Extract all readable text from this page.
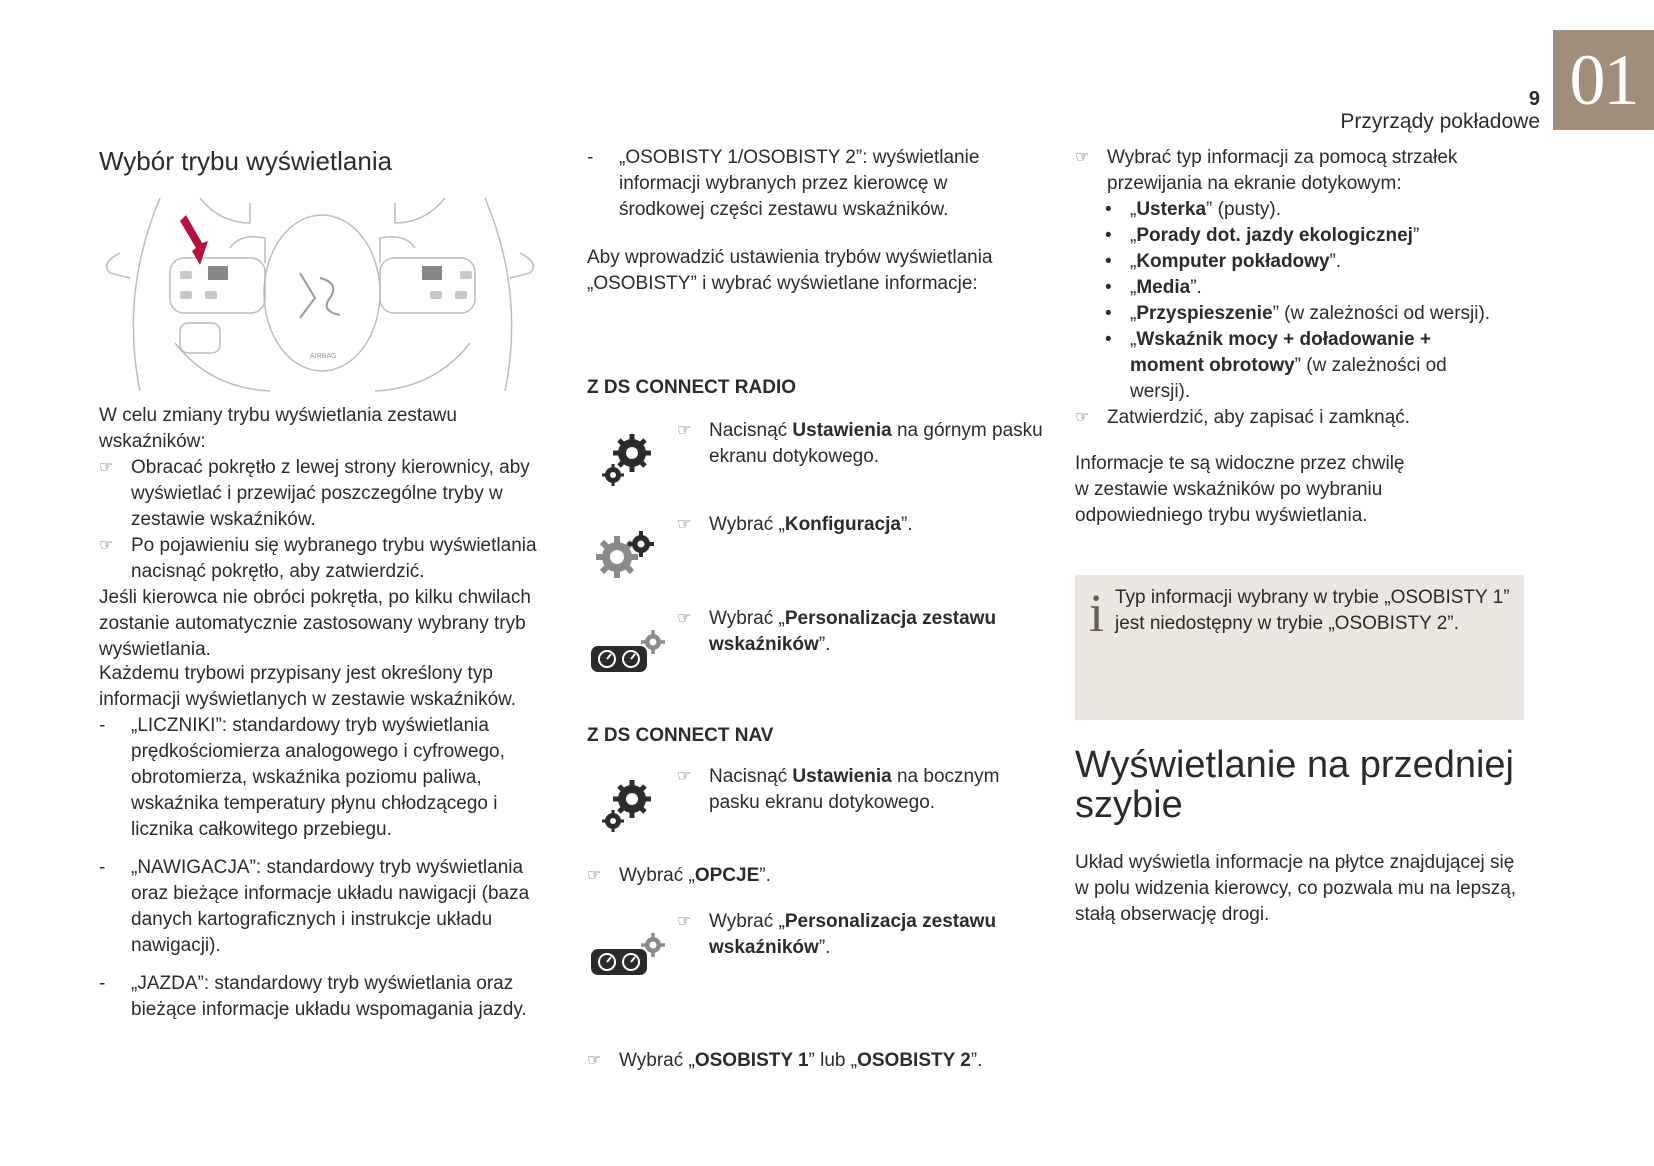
01
9
Przyrządy pokładowe
Wybór trybu wyświetlania
AIRBAG

W celu zmiany trybu wyświetlania zestawu wskaźników:

☞ Obracać pokrętło z lewej strony kierownicy, aby wyświetlać i przewijać poszczególne tryby w zestawie wskaźników.
☞ Po pojawieniu się wybranego trybu wyświetlania nacisnąć pokrętło, aby zatwierdzić.

Jeśli kierowca nie obróci pokrętła, po kilku chwilach zostanie automatycznie zastosowany wybrany tryb wyświetlania.

Każdemu trybowi przypisany jest określony typ informacji wyświetlanych w zestawie wskaźników.

- „LICZNIKI”: standardowy tryb wyświetlania prędkościomierza analogowego i cyfrowego, obrotomierza, wskaźnika poziomu paliwa, wskaźnika temperatury płynu chłodzącego i licznika całkowitego przebiegu.
- „NAWIGACJA”: standardowy tryb wyświetlania oraz bieżące informacje układu nawigacji (baza danych kartograficznych i instrukcje układu nawigacji).
- „JAZDA”: standardowy tryb wyświetlania oraz bieżące informacje układu wspomagania jazdy.
- „OSOBISTY 1/OSOBISTY 2”: wyświetlanie informacji wybranych przez kierowcę w środkowej części zestawu wskaźników.

Aby wprowadzić ustawienia trybów wyświetlania „OSOBISTY” i wybrać wyświetlane informacje:

Z DS CONNECT RADIO
☞ Nacisnąć Ustawienia na górnym pasku ekranu dotykowego.
☞ Wybrać „Konfiguracja”.
☞ Wybrać „Personalizacja zestawu wskaźników”.
Z DS CONNECT NAV
☞ Nacisnąć Ustawienia na bocznym pasku ekranu dotykowego.
☞ Wybrać „OPCJE”.
☞ Wybrać „Personalizacja zestawu wskaźników”.
☞ Wybrać „OSOBISTY 1” lub „OSOBISTY 2”.
☞ Wybrać typ informacji za pomocą strzałek przewijania na ekranie dotykowym:
• „Usterka” (pusty).
• „Porady dot. jazdy ekologicznej”
• „Komputer pokładowy”.
• „Media”.
• „Przyspieszenie” (w zależności od wersji).
• „Wskaźnik mocy + doładowanie + moment obrotowy” (w zależności od wersji).
☞ Zatwierdzić, aby zapisać i zamknąć.

Informacje te są widoczne przez chwilę w zestawie wskaźników po wybraniu odpowiedniego trybu wyświetlania.

i Typ informacji wybrany w trybie „OSOBISTY 1” jest niedostępny w trybie „OSOBISTY 2”.
Wyświetlanie na przedniej szybie

Układ wyświetla informacje na płytce znajdującej się w polu widzenia kierowcy, co pozwala mu na lepszą, stałą obserwację drogi.
